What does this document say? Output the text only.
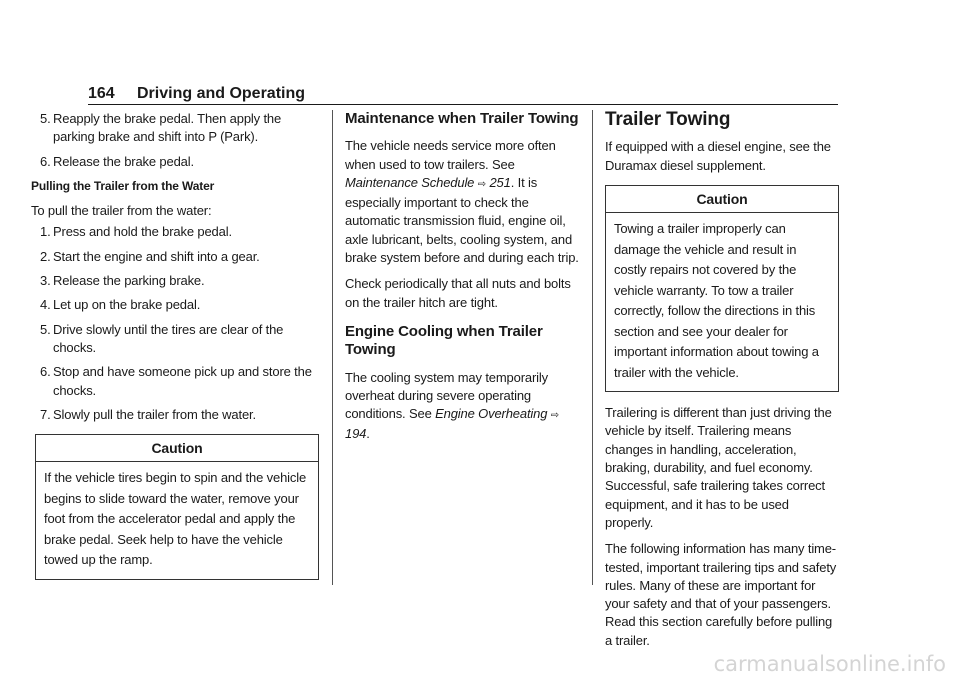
164 Driving and Operating
5. Reapply the brake pedal. Then apply the parking brake and shift into P (Park).
6. Release the brake pedal.

Pulling the Trailer from the Water

To pull the trailer from the water:

1. Press and hold the brake pedal.
2. Start the engine and shift into a gear.
3. Release the parking brake.
4. Let up on the brake pedal.
5. Drive slowly until the tires are clear of the chocks.
6. Stop and have someone pick up and store the chocks.
7. Slowly pull the trailer from the water.
Caution
If the vehicle tires begin to spin and the vehicle begins to slide toward the water, remove your foot from the accelerator pedal and apply the brake pedal. Seek help to have the vehicle towed up the ramp.

Maintenance when Trailer Towing

The vehicle needs service more often when used to tow trailers. See Maintenance Schedule ⇨ 251. It is especially important to check the automatic transmission fluid, engine oil, axle lubricant, belts, cooling system, and brake system before and during each trip.

Check periodically that all nuts and bolts on the trailer hitch are tight.

Engine Cooling when Trailer Towing

The cooling system may temporarily overheat during severe operating conditions. See Engine Overheating ⇨ 194.

Trailer Towing

If equipped with a diesel engine, see the Duramax diesel supplement.

Caution
Towing a trailer improperly can damage the vehicle and result in costly repairs not covered by the vehicle warranty. To tow a trailer correctly, follow the directions in this section and see your dealer for important information about towing a trailer with the vehicle.

Trailering is different than just driving the vehicle by itself. Trailering means changes in handling, acceleration, braking, durability, and fuel economy. Successful, safe trailering takes correct equipment, and it has to be used properly.

The following information has many time-tested, important trailering tips and safety rules. Many of these are important for your safety and that of your passengers. Read this section carefully before pulling a trailer.

carmanualsonline.info
